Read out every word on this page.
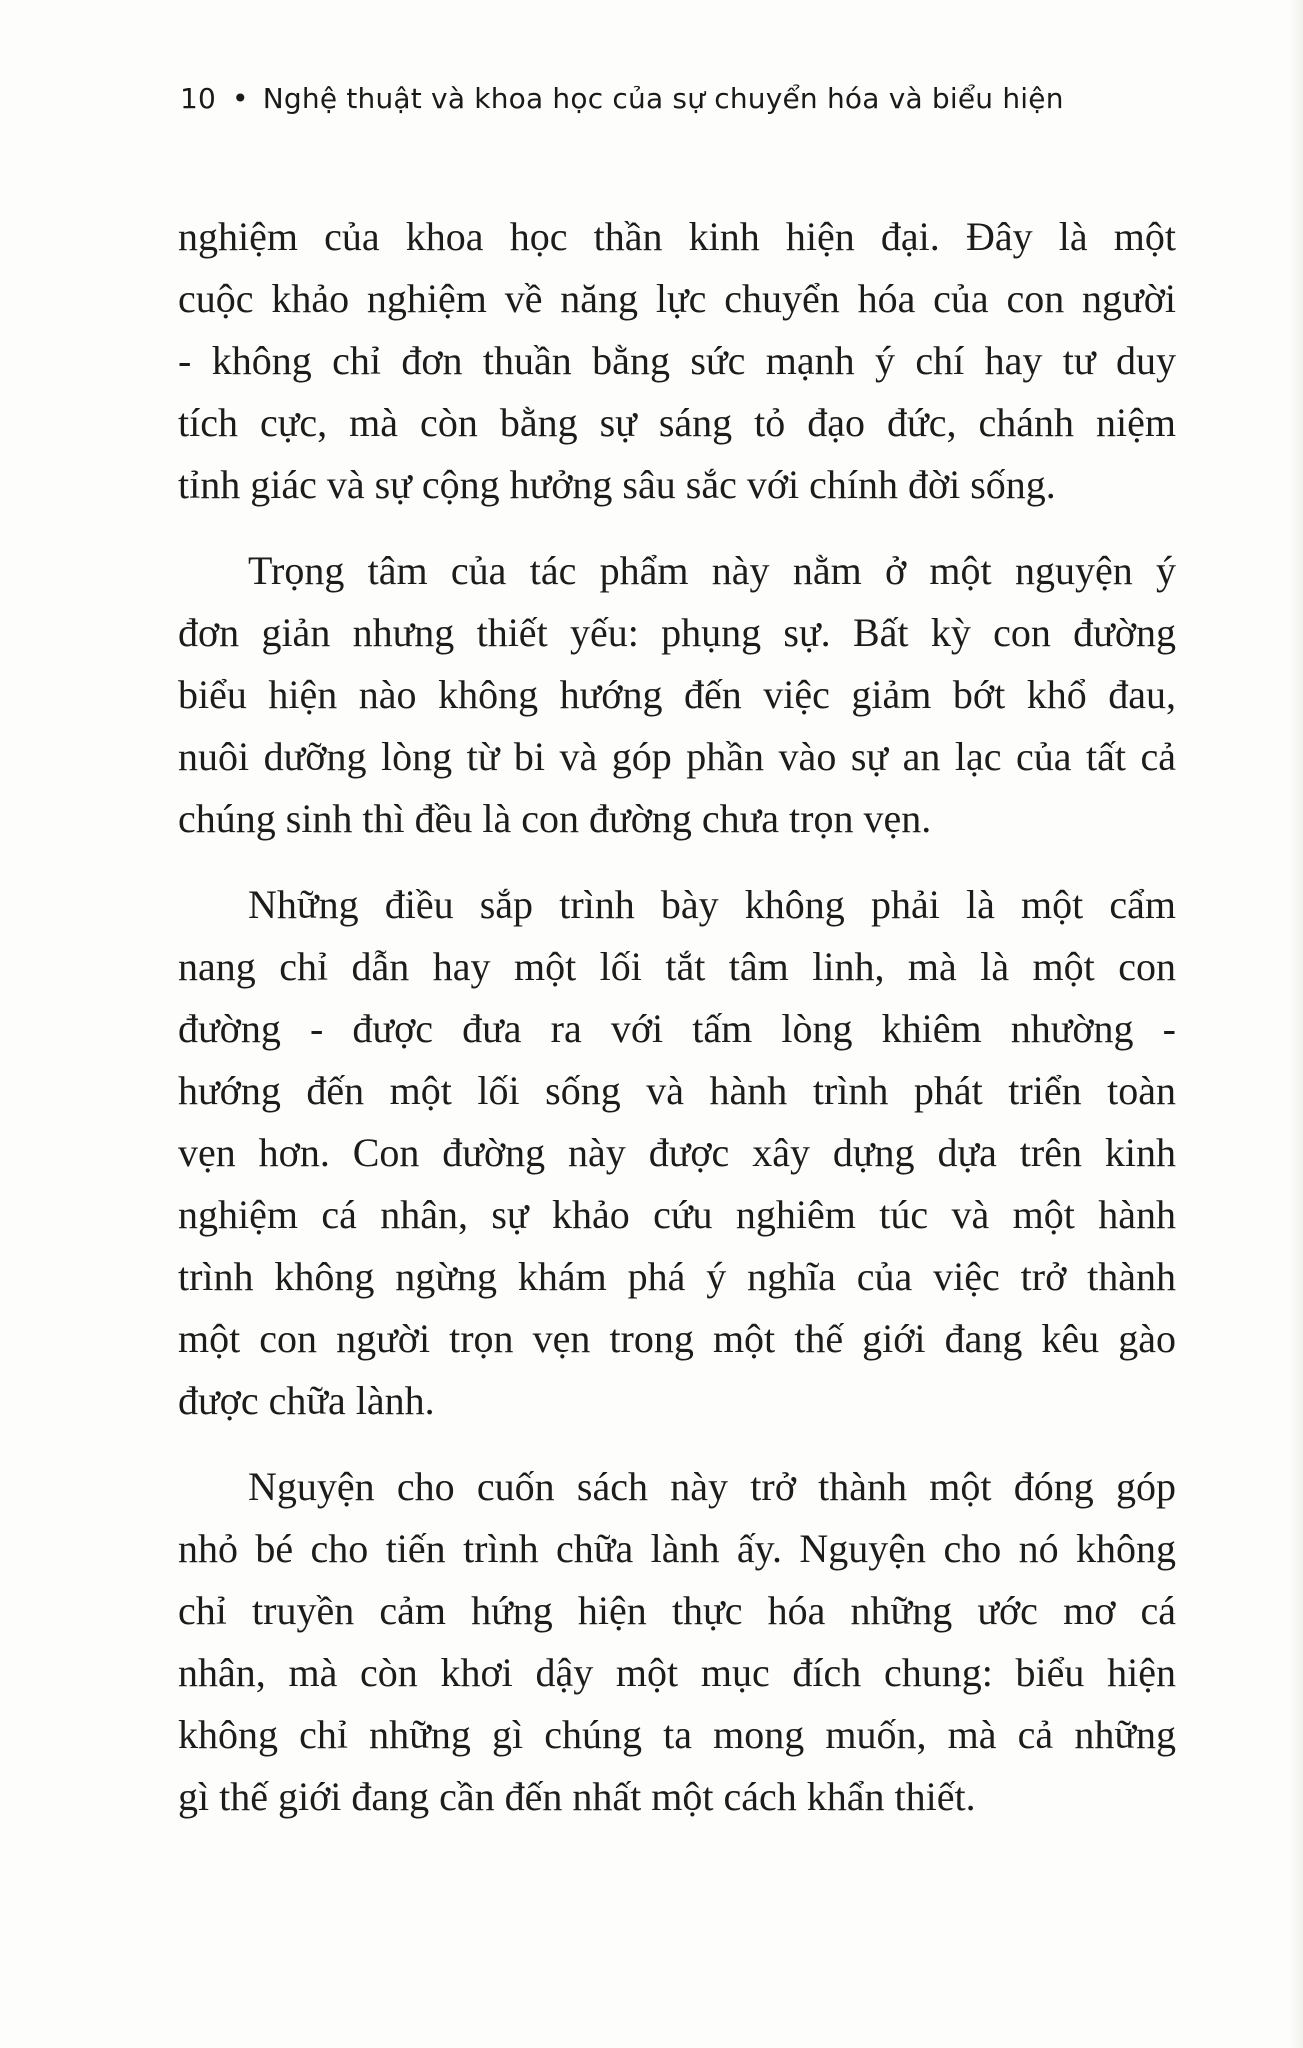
10 • Nghệ thuật và khoa học của sự chuyển hóa và biểu hiện

nghiệm của khoa học thần kinh hiện đại. Đây là một
cuộc khảo nghiệm về năng lực chuyển hóa của con người
- không chỉ đơn thuần bằng sức mạnh ý chí hay tư duy
tích cực, mà còn bằng sự sáng tỏ đạo đức, chánh niệm
tỉnh giác và sự cộng hưởng sâu sắc với chính đời sống.

Trọng tâm của tác phẩm này nằm ở một nguyện ý
đơn giản nhưng thiết yếu: phụng sự. Bất kỳ con đường
biểu hiện nào không hướng đến việc giảm bớt khổ đau,
nuôi dưỡng lòng từ bi và góp phần vào sự an lạc của tất cả
chúng sinh thì đều là con đường chưa trọn vẹn.

Những điều sắp trình bày không phải là một cẩm
nang chỉ dẫn hay một lối tắt tâm linh, mà là một con
đường - được đưa ra với tấm lòng khiêm nhường -
hướng đến một lối sống và hành trình phát triển toàn
vẹn hơn. Con đường này được xây dựng dựa trên kinh
nghiệm cá nhân, sự khảo cứu nghiêm túc và một hành
trình không ngừng khám phá ý nghĩa của việc trở thành
một con người trọn vẹn trong một thế giới đang kêu gào
được chữa lành.

Nguyện cho cuốn sách này trở thành một đóng góp
nhỏ bé cho tiến trình chữa lành ấy. Nguyện cho nó không
chỉ truyền cảm hứng hiện thực hóa những ước mơ cá
nhân, mà còn khơi dậy một mục đích chung: biểu hiện
không chỉ những gì chúng ta mong muốn, mà cả những
gì thế giới đang cần đến nhất một cách khẩn thiết.
